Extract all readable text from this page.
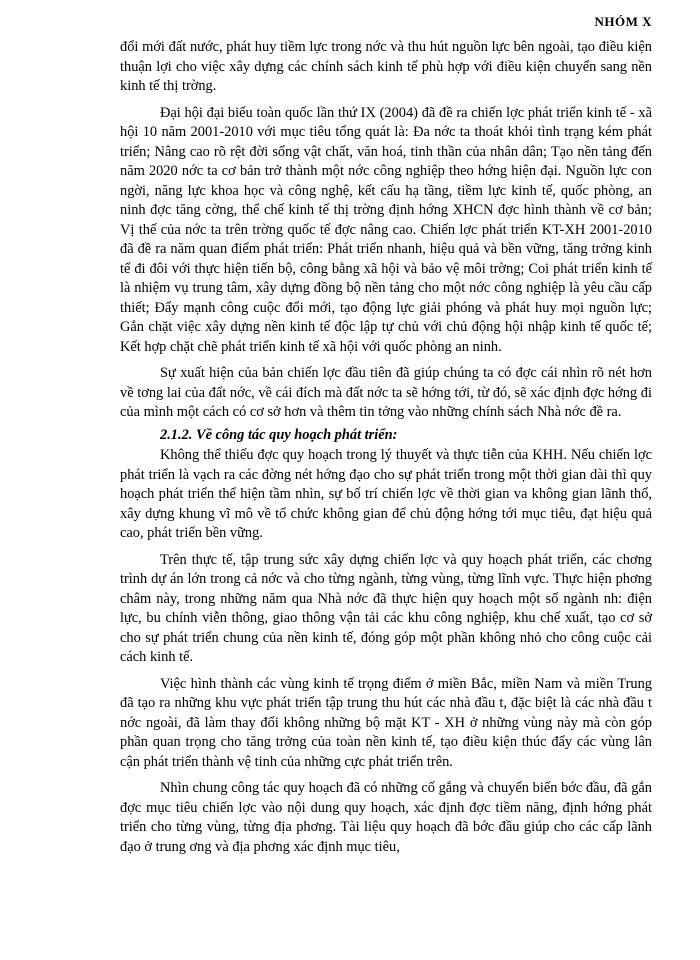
NHÓM X

đổi mới đất nước, phát huy tiềm lực trong nớc và thu hút nguồn lực bên ngoài, tạo điều kiện thuận lợi cho việc xây dựng các chính sách kinh tế phù hợp với điều kiện chuyển sang nền kinh tế thị trờng.

Đại hội đại biểu toàn quốc lần thứ IX (2004) đã đề ra chiến lợc phát triển kinh tế - xã hội 10 năm 2001-2010 với mục tiêu tổng quát là: Đa nớc ta thoát khỏi tình trạng kém phát triển; Nâng cao rõ rệt đời sống vật chất, văn hoá, tinh thần của nhân dân; Tạo nền tảng đến năm 2020 nớc ta cơ bản trở thành một nớc công nghiệp theo hớng hiện đại. Nguồn lực con ngời, năng lực khoa học và công nghệ, kết cấu hạ tầng, tiềm lực kinh tế, quốc phòng, an ninh đợc tăng cờng, thể chế kinh tế thị trờng định hớng XHCN đợc hình thành về cơ bản; Vị thế của nớc ta trên trờng quốc tế đợc nâng cao. Chiến lợc phát triển KT-XH 2001-2010 đã đề ra năm quan điểm phát triển: Phát triển nhanh, hiệu quả và bền vững, tăng trởng kinh tế đi đôi với thực hiện tiến bộ, công bằng xã hội và bảo vệ môi trờng; Coi phát triển kinh tế là nhiệm vụ trung tâm, xây dựng đồng bộ nền tảng cho một nớc công nghiệp là yêu cầu cấp thiết; Đẩy mạnh công cuộc đổi mới, tạo động lực giải phóng và phát huy mọi nguồn lực; Gắn chặt việc xây dựng nền kinh tế độc lập tự chủ với chủ động hội nhập kinh tế quốc tế; Kết hợp chặt chẽ phát triển kinh tế xã hội với quốc phòng an ninh.

Sự xuất hiện của bản chiến lợc đầu tiên đã giúp chúng ta có đợc cái nhìn rõ nét hơn về tơng lai của đất nớc, về cái đích mà đất nớc ta sẽ hớng tới, từ đó, sẽ xác định đợc hớng đi của mình một cách có cơ sở hơn và thêm tin tởng vào những chính sách Nhà nớc đề ra.

2.1.2. Về công tác quy hoạch phát triển:

Không thể thiếu đợc quy hoạch trong lý thuyết và thực tiễn của KHH. Nếu chiến lợc phát triển là vạch ra các đờng nét hớng đạo cho sự phát triển trong một thời gian dài thì quy hoạch phát triển thể hiện tầm nhìn, sự bố trí chiến lợc về thời gian va không gian lãnh thổ, xây dựng khung vĩ mô về tổ chức không gian để chủ động hớng tới mục tiêu, đạt hiệu quả cao, phát triển bền vững.

Trên thực tế, tập trung sức xây dựng chiến lợc và quy hoạch phát triển, các chơng trình dự án lớn trong cả nớc và cho từng ngành, từng vùng, từng lĩnh vực. Thực hiện phơng châm này, trong những năm qua Nhà nớc đã thực hiện quy hoạch một số ngành nh: điện lực, bu chính viễn thông, giao thông vận tải các khu công nghiệp, khu chế xuất, tạo cơ sở cho sự phát triển chung của nền kinh tế, đóng góp một phần không nhỏ cho công cuộc cải cách kinh tế.

Việc hình thành các vùng kinh tế trọng điểm ở miền Bắc, miền Nam và miền Trung đã tạo ra những khu vực phát triển tập trung thu hút các nhà đầu t, đặc biệt là các nhà đầu t nớc ngoài, đã làm thay đổi không những bộ mặt KT - XH ở những vùng này mà còn góp phần quan trọng cho tăng trởng của toàn nền kinh tế, tạo điều kiện thúc đẩy các vùng lân cận phát triển thành vệ tinh của những cực phát triển trên.

Nhìn chung công tác quy hoạch đã có những cố gắng và chuyển biến bớc đầu, đã gắn đợc mục tiêu chiến lợc vào nội dung quy hoạch, xác định đợc tiềm năng, định hớng phát triển cho từng vùng, từng địa phơng. Tài liệu quy hoạch đã bớc đầu giúp cho các cấp lãnh đạo ở trung ơng và địa phơng xác định mục tiêu,
